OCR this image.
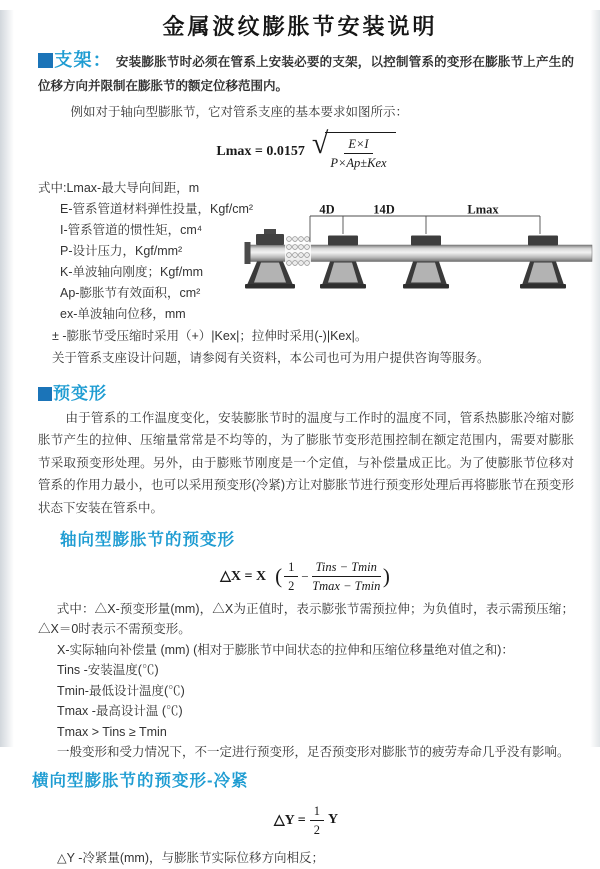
金属波纹膨胀节安装说明

支架： 安装膨胀节时必须在管系上安装必要的支架，以控制管系的变形在膨胀节上产生的位移方向并限制在膨胀节的额定位移范围内。

例如对于轴向型膨胀节，它对管系支座的基本要求如图所示：

Lmax = 0.0157 √ $\frac{E\times I}{\text{P×Ap±Kex}}$
式中:Lmax-最大导向间距，m
E-管系管道材料弹性投量，Kgf/cm²
I-管系管道的惯性矩，cm⁴
P-设计压力，Kgf/mm²
K-单波轴向刚度；Kgf/mm
Ap-膨胀节有效面积，cm²
ex-单波轴向位移，mm
± -膨胀节受压缩时采用（+）|Kex|；拉伸时采用(-)|Kex|。
关于管系支座设计问题，请参阅有关资料，本公司也可为用户提供咨询等服务。
4D	14D	Lmax

预变形

由于管系的工作温度变化，安装膨胀节时的温度与工作时的温度不同，管系热膨胀冷缩对膨胀节产生的拉伸、压缩量常常是不均等的，为了膨胀节变形范围控制在额定范围内，需要对膨胀节采取预变形处理。另外，由于膨账节刚度是一个定值，与补偿量成正比。为了使膨胀节位移对管系的作用力最小，也可以采用预变形(冷紧)方让对膨胀节进行预变形处理后再将膨胀节在预变形状态下安装在管系中。

轴向型膨胀节的预变形
△X = X ( $\frac{1}{2} - \frac{\text{Tins − Tmin}}{Tmax - Tmin}$ )

式中：△X-预变形量(mm)，△X为正值时，表示膨张节需预拉伸；为负值时，表示需预压缩；△X＝0时表示不需预变形。

X-实际轴向补偿量 (mm) (相对于膨胀节中间状态的拉伸和压缩位移量绝对值之和)：

Tins -安装温度(℃)

Tmin-最低设计温度(℃)

Tmax -最高设计温 (℃)

Tmax > Tins ≥ Tmin

一般变形和受力情况下，不一定进行预变形，足否预变形对膨胀节的疲劳寿命几乎没有影响。

横向型膨胀节的预变形-冷紧
△Y = $\frac{1}{2}$ Y

△Y -冷紧量(mm)，与膨胀节实际位移方向相反；
